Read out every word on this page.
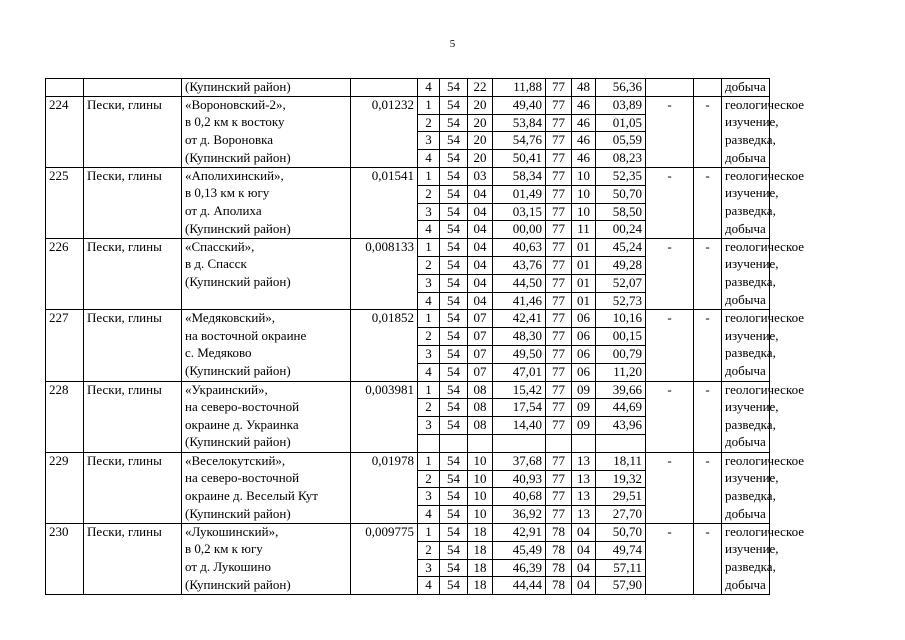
5
		(Купинский район)		4	54	22	11,88	77	48	56,36			добыча
224	Пески, глины	«Вороновский-2»,	0,01232	1	54	20	49,40	77	46	03,89	-	-	геологическое
		в 0,2 км к востоку		2	54	20	53,84	77	46	01,05			изучение,
		от д. Вороновка		3	54	20	54,76	77	46	05,59			разведка,
		(Купинский район)		4	54	20	50,41	77	46	08,23			добыча
225	Пески, глины	«Аполихинский»,	0,01541	1	54	03	58,34	77	10	52,35	-	-	геологическое
		в 0,13 км к югу		2	54	04	01,49	77	10	50,70			изучение,
		от д. Аполиха		3	54	04	03,15	77	10	58,50			разведка,
		(Купинский район)		4	54	04	00,00	77	11	00,24			добыча
226	Пески, глины	«Спасский»,	0,008133	1	54	04	40,63	77	01	45,24	-	-	геологическое
		в д. Спасск		2	54	04	43,76	77	01	49,28			изучение,
		(Купинский район)		3	54	04	44,50	77	01	52,07			разведка,
				4	54	04	41,46	77	01	52,73			добыча
227	Пески, глины	«Медяковский»,	0,01852	1	54	07	42,41	77	06	10,16	-	-	геологическое
		на восточной окраине		2	54	07	48,30	77	06	00,15			изучение,
		с. Медяково		3	54	07	49,50	77	06	00,79			разведка,
		(Купинский район)		4	54	07	47,01	77	06	11,20			добыча
228	Пески, глины	«Украинский»,	0,003981	1	54	08	15,42	77	09	39,66	-	-	геологическое
		на северо-восточной		2	54	08	17,54	77	09	44,69			изучение,
		окраине д. Украинка		3	54	08	14,40	77	09	43,96			разведка,
		(Купинский район)											добыча
229	Пески, глины	«Веселокутский»,	0,01978	1	54	10	37,68	77	13	18,11	-	-	геологическое
		на северо-восточной		2	54	10	40,93	77	13	19,32			изучение,
		окраине д. Веселый Кут		3	54	10	40,68	77	13	29,51			разведка,
		(Купинский район)		4	54	10	36,92	77	13	27,70			добыча
230	Пески, глины	«Лукошинский»,	0,009775	1	54	18	42,91	78	04	50,70	-	-	геологическое
		в 0,2 км к югу		2	54	18	45,49	78	04	49,74			изучение,
		от д. Лукошино		3	54	18	46,39	78	04	57,11			разведка,
		(Купинский район)		4	54	18	44,44	78	04	57,90			добыча
